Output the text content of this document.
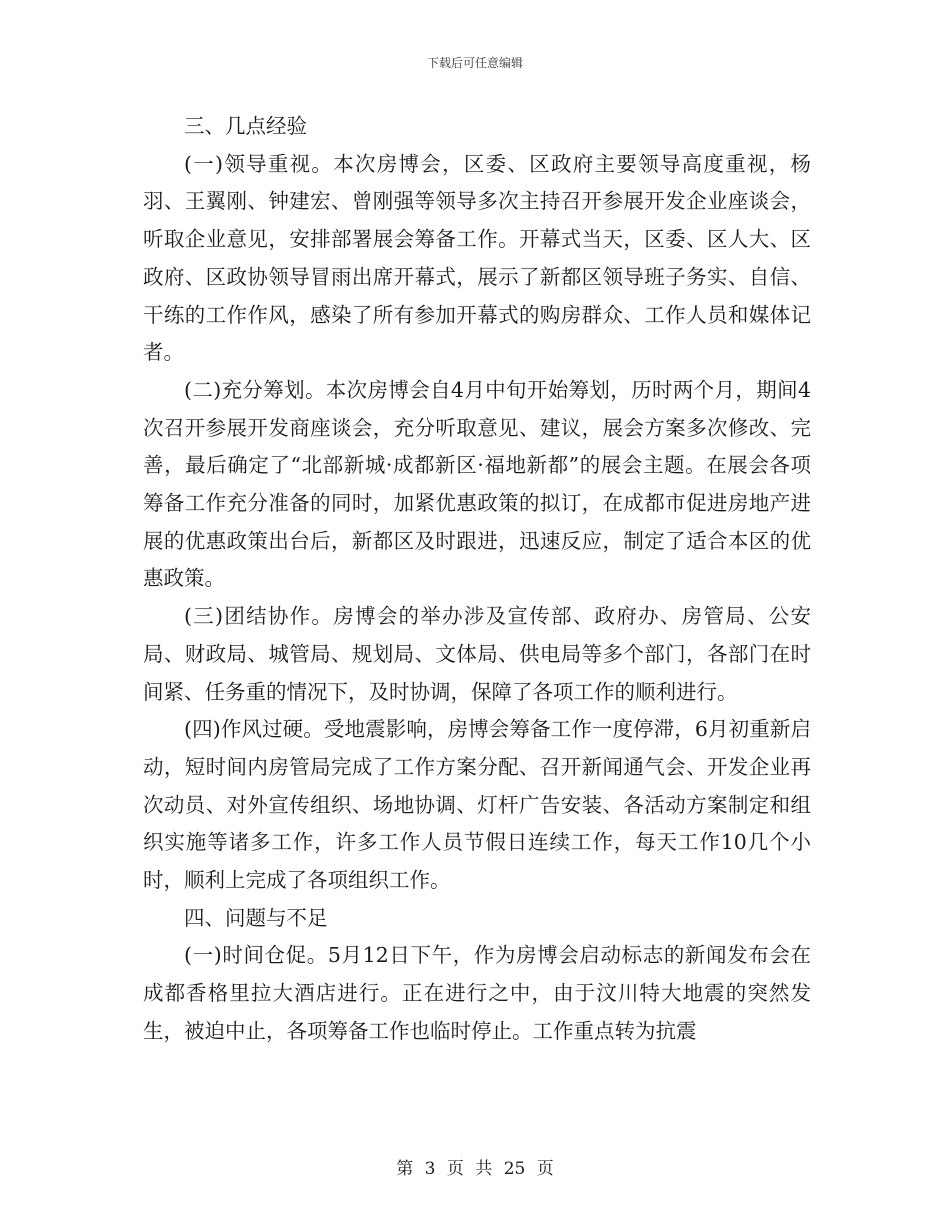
下载后可任意编辑

三、几点经验

(一)领导重视。本次房博会，区委、区政府主要领导高度重视，杨羽、王翼刚、钟建宏、曾刚强等领导多次主持召开参展开发企业座谈会，听取企业意见，安排部署展会筹备工作。开幕式当天，区委、区人大、区政府、区政协领导冒雨出席开幕式，展示了新都区领导班子务实、自信、干练的工作作风，感染了所有参加开幕式的购房群众、工作人员和媒体记者。

(二)充分筹划。本次房博会自4月中旬开始筹划，历时两个月，期间4次召开参展开发商座谈会，充分听取意见、建议，展会方案多次修改、完善，最后确定了“北部新城·成都新区·福地新都”的展会主题。在展会各项筹备工作充分准备的同时，加紧优惠政策的拟订，在成都市促进房地产进展的优惠政策出台后，新都区及时跟进，迅速反应，制定了适合本区的优惠政策。

(三)团结协作。房博会的举办涉及宣传部、政府办、房管局、公安局、财政局、城管局、规划局、文体局、供电局等多个部门，各部门在时间紧、任务重的情况下，及时协调，保障了各项工作的顺利进行。

(四)作风过硬。受地震影响，房博会筹备工作一度停滞，6月初重新启动，短时间内房管局完成了工作方案分配、召开新闻通气会、开发企业再次动员、对外宣传组织、场地协调、灯杆广告安装、各活动方案制定和组织实施等诸多工作，许多工作人员节假日连续工作，每天工作10几个小时，顺利上完成了各项组织工作。

四、问题与不足

(一)时间仓促。5月12日下午，作为房博会启动标志的新闻发布会在成都香格里拉大酒店进行。正在进行之中，由于汶川特大地震的突然发生，被迫中止，各项筹备工作也临时停止。工作重点转为抗震

第 3 页 共 25 页
